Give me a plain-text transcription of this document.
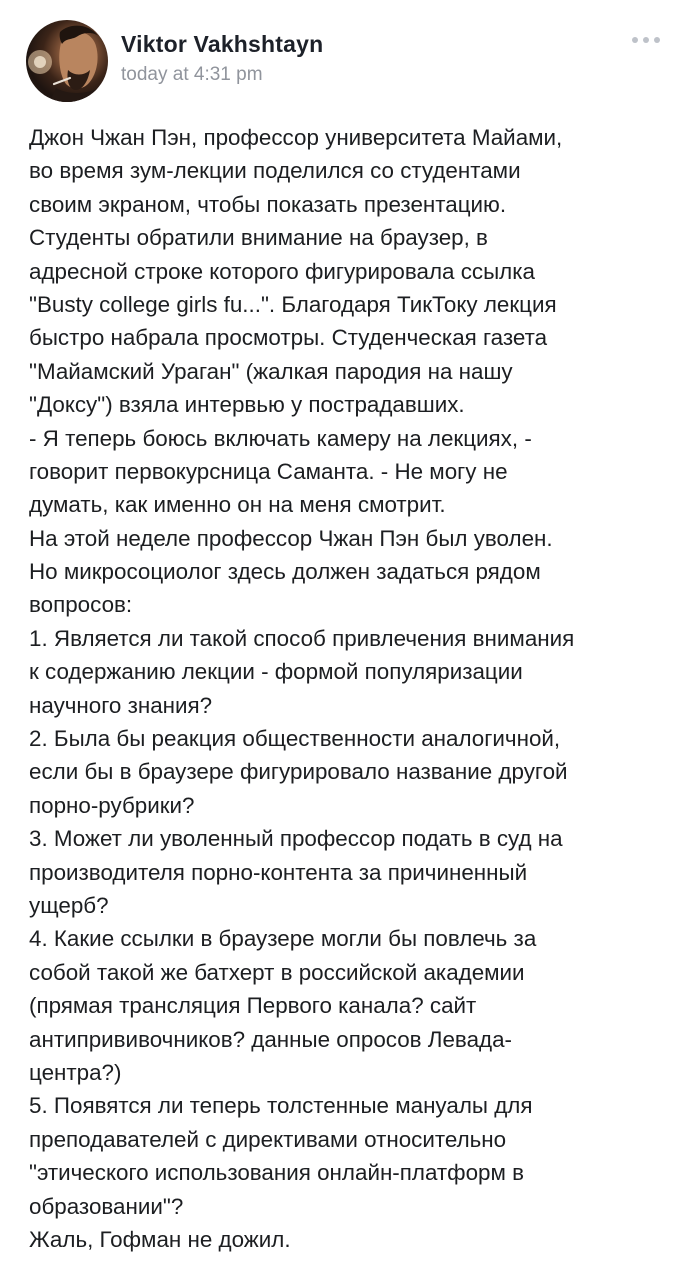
Viktor Vakhshtayn
today at 4:31 pm
Джон Чжан Пэн, профессор университета Майами,
во время зум-лекции поделился со студентами
своим экраном, чтобы показать презентацию.
Студенты обратили внимание на браузер, в
адресной строке которого фигурировала ссылка
"Busty college girls fu...". Благодаря ТикТоку лекция
быстро набрала просмотры. Студенческая газета
"Майамский Ураган" (жалкая пародия на нашу
"Доксу") взяла интервью у пострадавших.
- Я теперь боюсь включать камеру на лекциях, -
говорит первокурсница Саманта. - Не могу не
думать, как именно он на меня смотрит.
На этой неделе профессор Чжан Пэн был уволен.
Но микросоциолог здесь должен задаться рядом
вопросов:
1. Является ли такой способ привлечения внимания
к содержанию лекции - формой популяризации
научного знания?
2. Была бы реакция общественности аналогичной,
если бы в браузере фигурировало название другой
порно-рубрики?
3. Может ли уволенный профессор подать в суд на
производителя порно-контента за причиненный
ущерб?
4. Какие ссылки в браузере могли бы повлечь за
собой такой же батхерт в российской академии
(прямая трансляция Первого канала? сайт
антипрививочников? данные опросов Левада-
центра?)
5. Появятся ли теперь толстенные мануалы для
преподавателей с директивами относительно
"этического использования онлайн-платформ в
образовании"?
Жаль, Гофман не дожил.
